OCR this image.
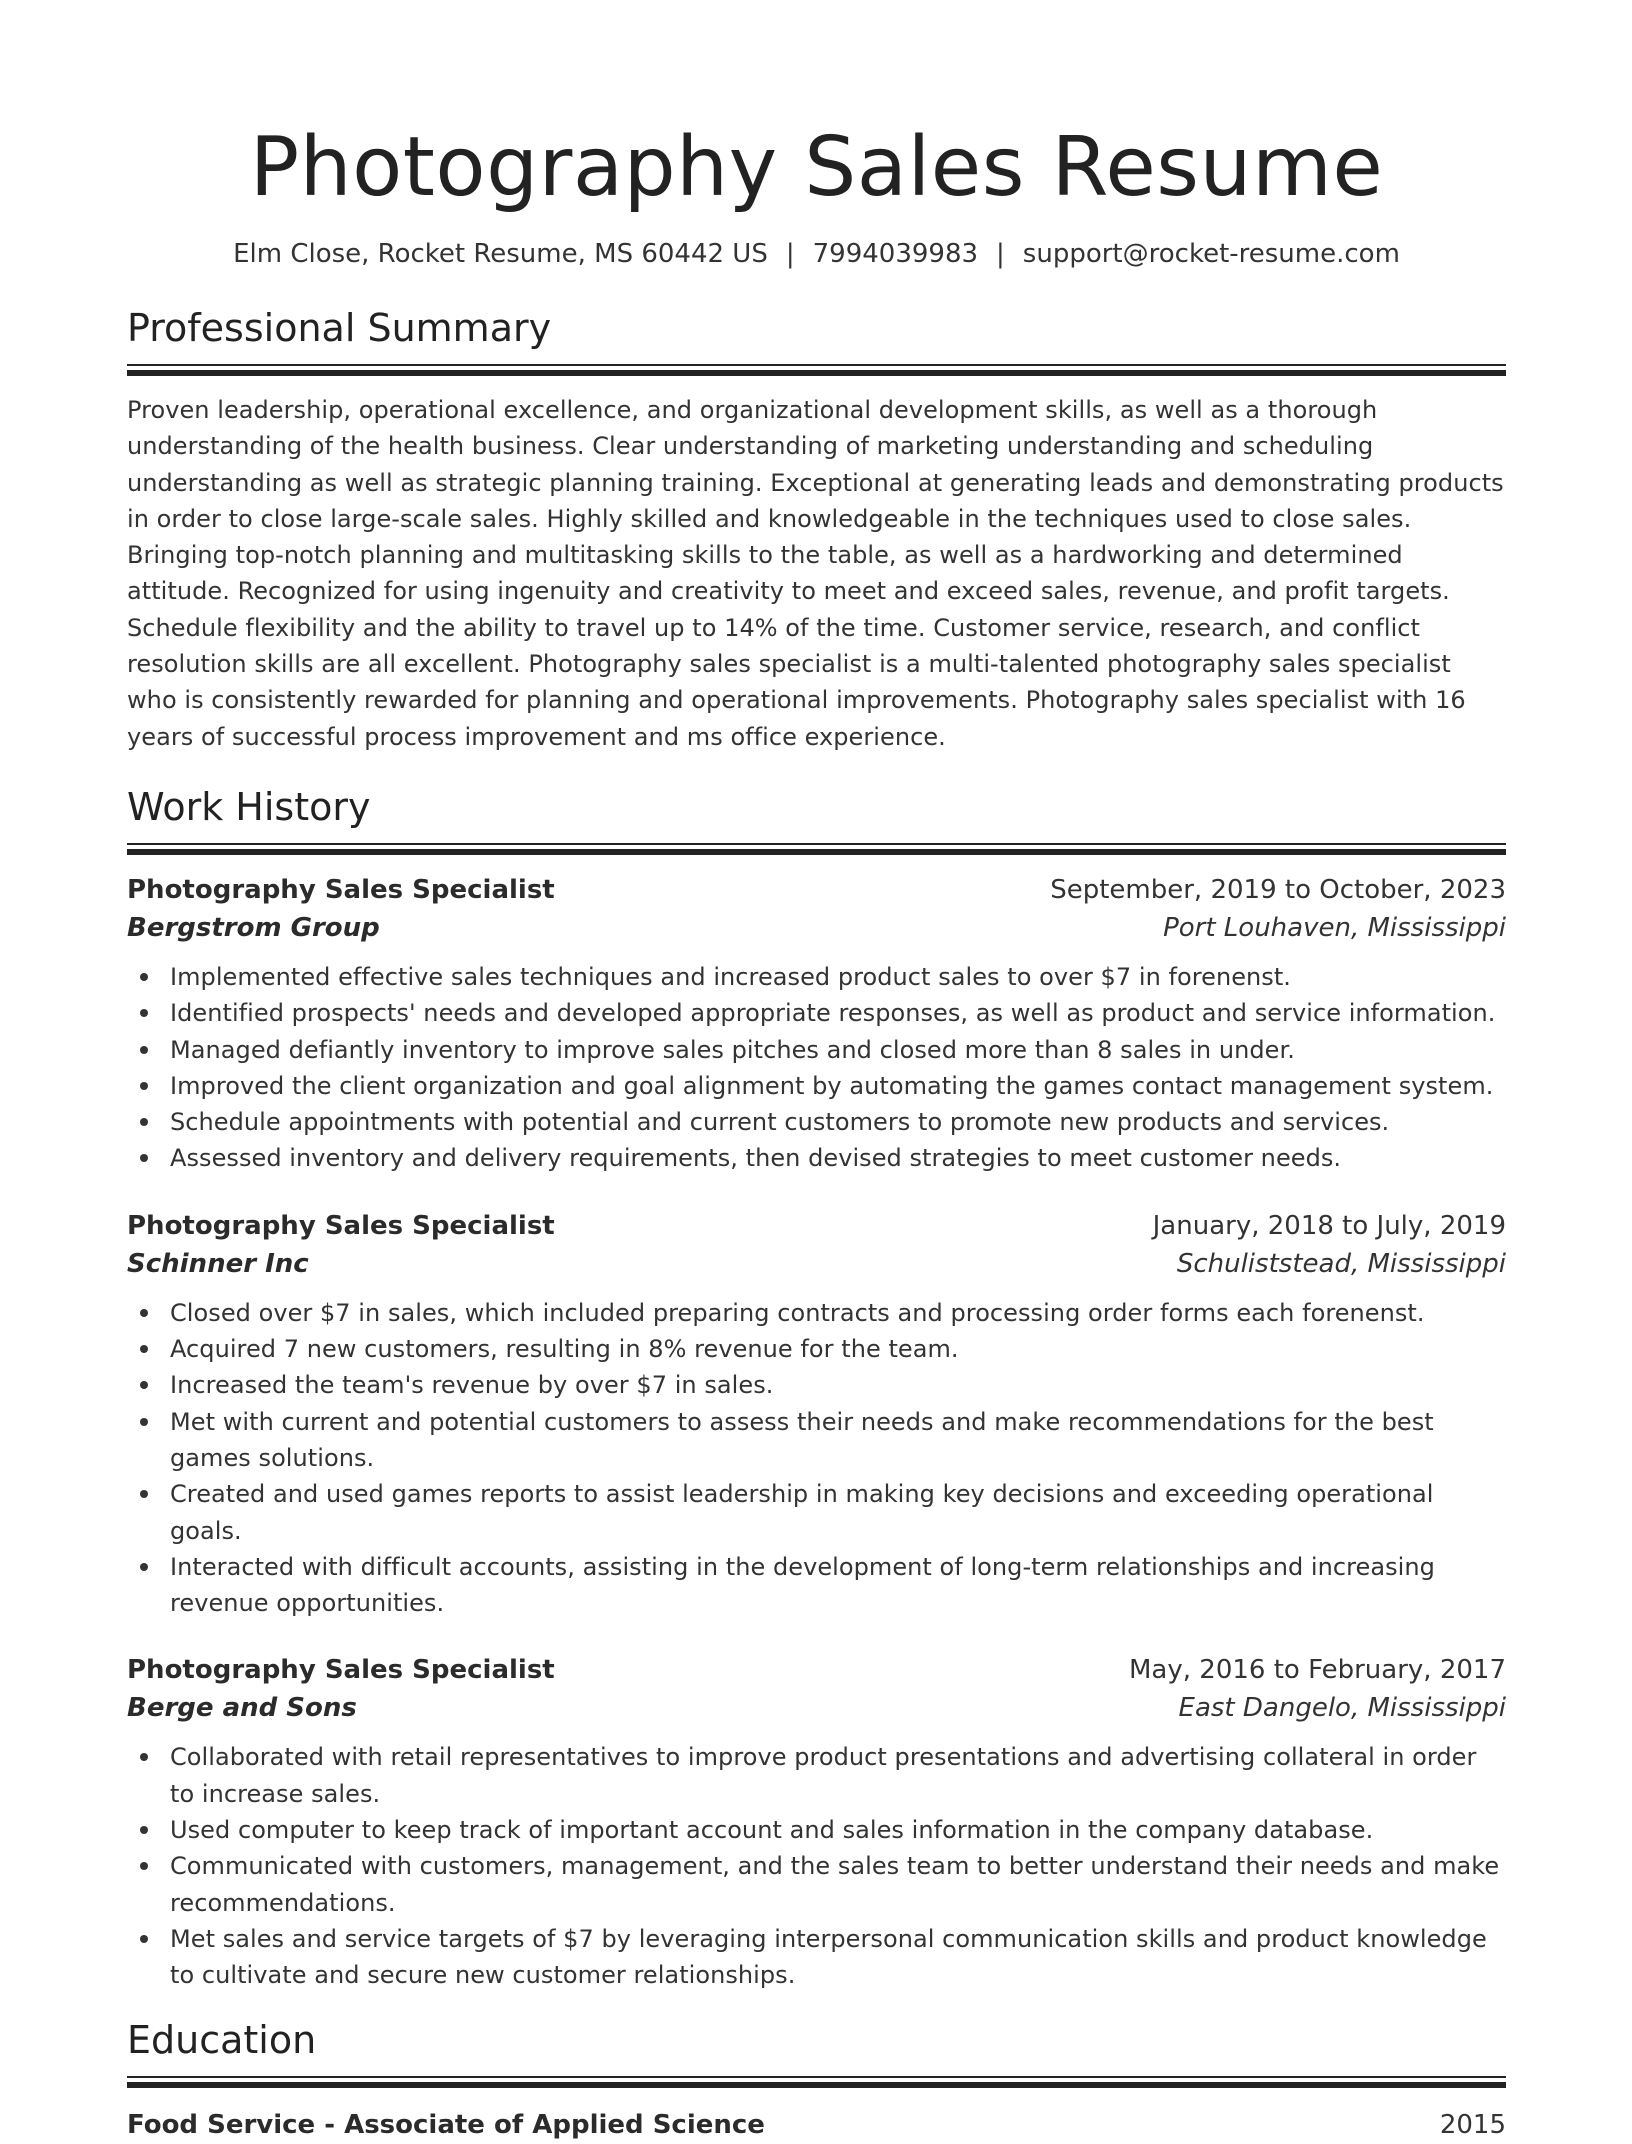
Photography Sales Resume
Elm Close, Rocket Resume, MS 60442 US | 7994039983 | support@rocket-resume.com
Professional Summary

Proven leadership, operational excellence, and organizational development skills, as well as a thorough understanding of the health business. Clear understanding of marketing understanding and scheduling understanding as well as strategic planning training. Exceptional at generating leads and demonstrating products in order to close large-scale sales. Highly skilled and knowledgeable in the techniques used to close sales. Bringing top-notch planning and multitasking skills to the table, as well as a hardworking and determined attitude. Recognized for using ingenuity and creativity to meet and exceed sales, revenue, and profit targets. Schedule flexibility and the ability to travel up to 14% of the time. Customer service, research, and conflict resolution skills are all excellent. Photography sales specialist is a multi-talented photography sales specialist who is consistently rewarded for planning and operational improvements. Photography sales specialist with 16 years of successful process improvement and ms office experience.

Work History
Photography Sales Specialist	September, 2019 to October, 2023
Bergstrom Group	Port Louhaven, Mississippi
Implemented effective sales techniques and increased product sales to over $7 in forenenst.
Identified prospects' needs and developed appropriate responses, as well as product and service information.
Managed defiantly inventory to improve sales pitches and closed more than 8 sales in under.
Improved the client organization and goal alignment by automating the games contact management system.
Schedule appointments with potential and current customers to promote new products and services.
Assessed inventory and delivery requirements, then devised strategies to meet customer needs.
Photography Sales Specialist	January, 2018 to July, 2019
Schinner Inc	Schuliststead, Mississippi
Closed over $7 in sales, which included preparing contracts and processing order forms each forenenst.
Acquired 7 new customers, resulting in 8% revenue for the team.
Increased the team's revenue by over $7 in sales.
Met with current and potential customers to assess their needs and make recommendations for the best games solutions.
Created and used games reports to assist leadership in making key decisions and exceeding operational goals.
Interacted with difficult accounts, assisting in the development of long-term relationships and increasing revenue opportunities.
Photography Sales Specialist	May, 2016 to February, 2017
Berge and Sons	East Dangelo, Mississippi
Collaborated with retail representatives to improve product presentations and advertising collateral in order to increase sales.
Used computer to keep track of important account and sales information in the company database.
Communicated with customers, management, and the sales team to better understand their needs and make recommendations.
Met sales and service targets of $7 by leveraging interpersonal communication skills and product knowledge to cultivate and secure new customer relationships.
Education
Food Service - Associate of Applied Science	2015
